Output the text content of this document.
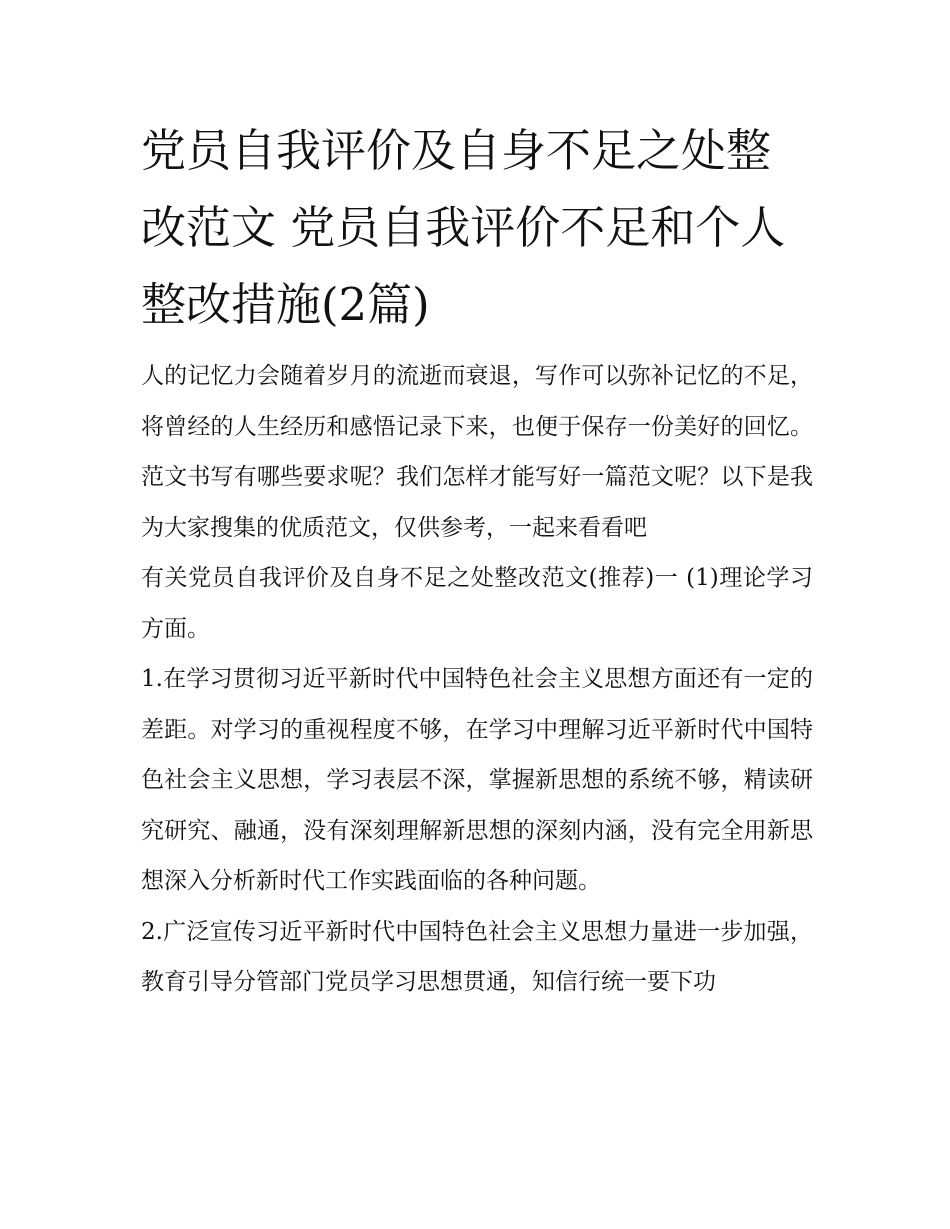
党员自我评价及自身不足之处整改范文 党员自我评价不足和个人整改措施(2篇)

人的记忆力会随着岁月的流逝而衰退，写作可以弥补记忆的不足，将曾经的人生经历和感悟记录下来，也便于保存一份美好的回忆。范文书写有哪些要求呢？我们怎样才能写好一篇范文呢？以下是我为大家搜集的优质范文，仅供参考，一起来看看吧

有关党员自我评价及自身不足之处整改范文(推荐)一 (1)理论学习方面。

1.在学习贯彻习近平新时代中国特色社会主义思想方面还有一定的差距。对学习的重视程度不够，在学习中理解习近平新时代中国特色社会主义思想，学习表层不深，掌握新思想的系统不够，精读研究研究、融通，没有深刻理解新思想的深刻内涵，没有完全用新思想深入分析新时代工作实践面临的各种问题。

2.广泛宣传习近平新时代中国特色社会主义思想力量进一步加强，教育引导分管部门党员学习思想贯通，知信行统一要下功
